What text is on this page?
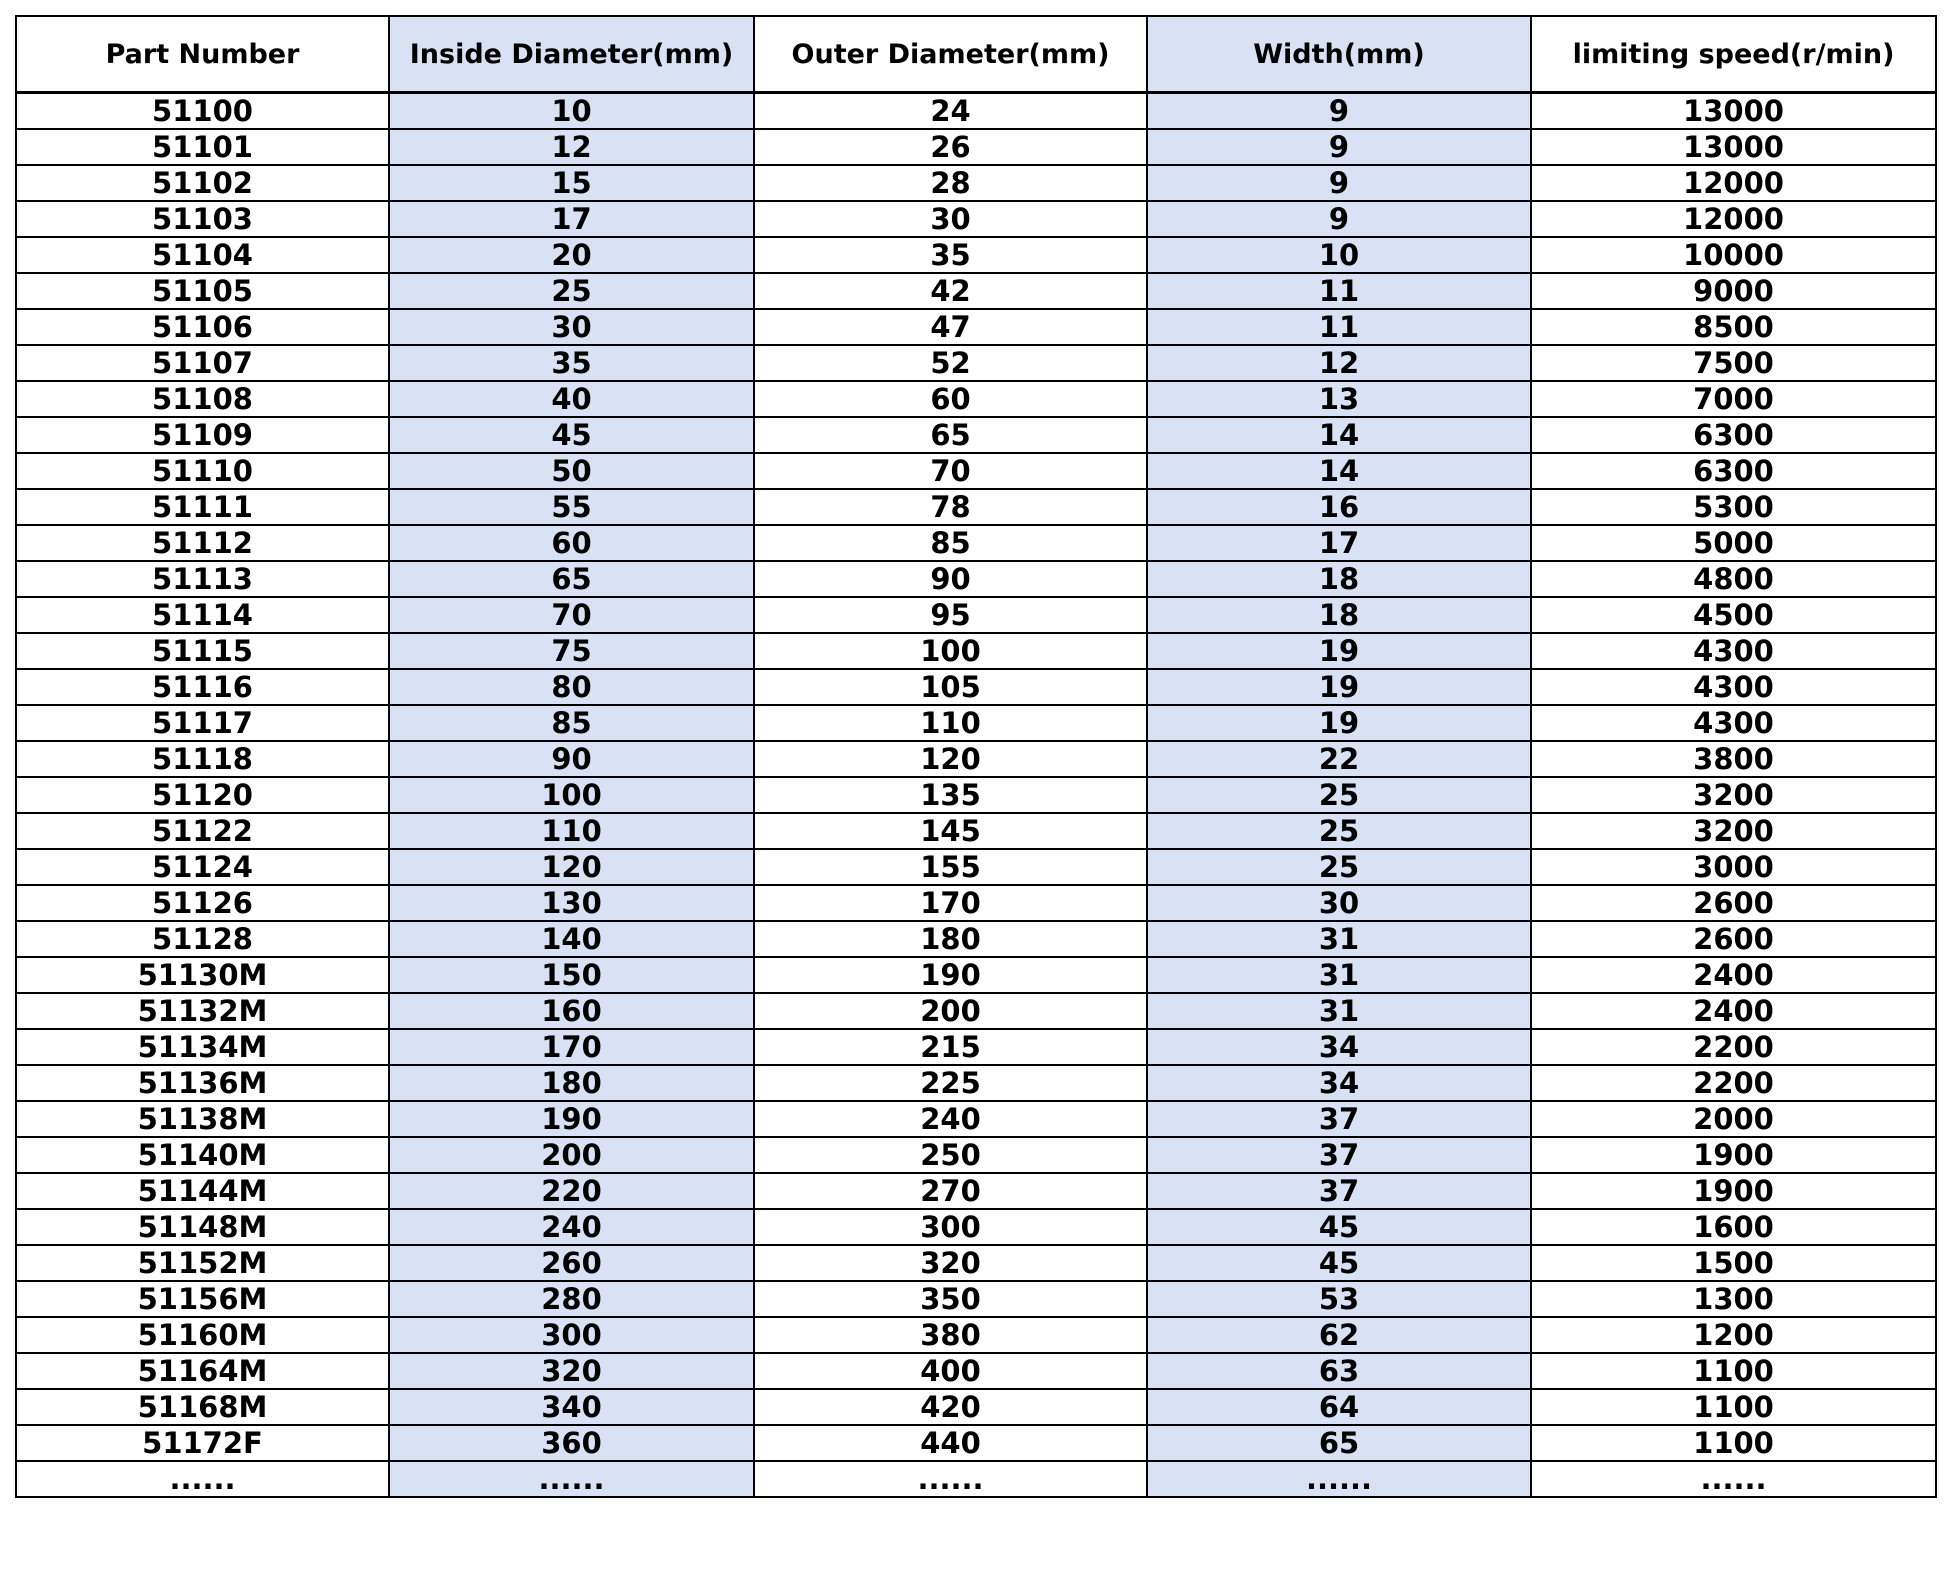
Part Number	Inside Diameter(mm)	Outer Diameter(mm)	Width(mm)	limiting speed(r/min)
51100	10	24	9	13000
51101	12	26	9	13000
51102	15	28	9	12000
51103	17	30	9	12000
51104	20	35	10	10000
51105	25	42	11	9000
51106	30	47	11	8500
51107	35	52	12	7500
51108	40	60	13	7000
51109	45	65	14	6300
51110	50	70	14	6300
51111	55	78	16	5300
51112	60	85	17	5000
51113	65	90	18	4800
51114	70	95	18	4500
51115	75	100	19	4300
51116	80	105	19	4300
51117	85	110	19	4300
51118	90	120	22	3800
51120	100	135	25	3200
51122	110	145	25	3200
51124	120	155	25	3000
51126	130	170	30	2600
51128	140	180	31	2600
51130M	150	190	31	2400
51132M	160	200	31	2400
51134M	170	215	34	2200
51136M	180	225	34	2200
51138M	190	240	37	2000
51140M	200	250	37	1900
51144M	220	270	37	1900
51148M	240	300	45	1600
51152M	260	320	45	1500
51156M	280	350	53	1300
51160M	300	380	62	1200
51164M	320	400	63	1100
51168M	340	420	64	1100
51172F	360	440	65	1100
......	......	......	......	......
